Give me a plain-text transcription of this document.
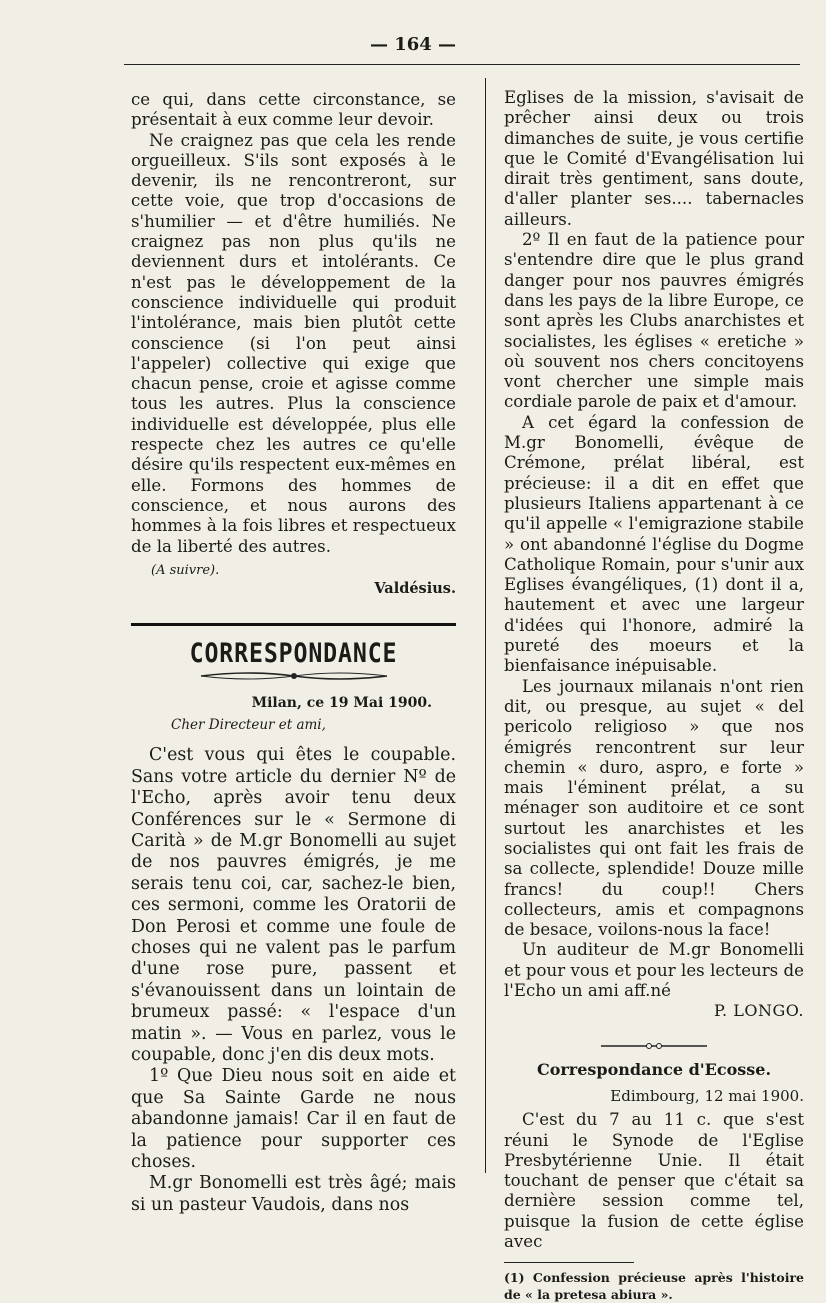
— 164 —

ce qui, dans cette circonstance, se présentait à eux comme leur devoir.

Ne craignez pas que cela les rende orgueilleux. S'ils sont exposés à le devenir, ils ne rencontreront, sur cette voie, que trop d'occasions de s'humilier — et d'être humiliés. Ne craignez pas non plus qu'ils ne deviennent durs et intolérants. Ce n'est pas le développement de la conscience individuelle qui produit l'intolérance, mais bien plutôt cette conscience (si l'on peut ainsi l'appeler) collective qui exige que chacun pense, croie et agisse comme tous les autres. Plus la conscience individuelle est développée, plus elle respecte chez les autres ce qu'elle désire qu'ils respectent eux-mêmes en elle. Formons des hommes de conscience, et nous aurons des hommes à la fois libres et respectueux de la liberté des autres.

(A suivre).

Valdésius.

CORRESPONDANCE

Milan, ce 19 Mai 1900.

Cher Directeur et ami,

C'est vous qui êtes le coupable. Sans votre article du dernier Nº de l'Echo, après avoir tenu deux Conférences sur le « Sermone di Carità » de M.gr Bonomelli au sujet de nos pauvres émigrés, je me serais tenu coi, car, sachez-le bien, ces sermoni, comme les Oratorii de Don Perosi et comme une foule de choses qui ne valent pas le parfum d'une rose pure, passent et s'évanouissent dans un lointain de brumeux passé: « l'espace d'un matin ». — Vous en parlez, vous le coupable, donc j'en dis deux mots.

1º Que Dieu nous soit en aide et que Sa Sainte Garde ne nous abandonne jamais! Car il en faut de la patience pour supporter ces choses.

M.gr Bonomelli est très âgé; mais si un pasteur Vaudois, dans nos

Eglises de la mission, s'avisait de prêcher ainsi deux ou trois dimanches de suite, je vous certifie que le Comité d'Evangélisation lui dirait très gentiment, sans doute, d'aller planter ses.... tabernacles ailleurs.

2º Il en faut de la patience pour s'entendre dire que le plus grand danger pour nos pauvres émigrés dans les pays de la libre Europe, ce sont après les Clubs anarchistes et socialistes, les églises « eretiche » où souvent nos chers concitoyens vont chercher une simple mais cordiale parole de paix et d'amour.

A cet égard la confession de M.gr Bonomelli, évêque de Crémone, prélat libéral, est précieuse: il a dit en effet que plusieurs Italiens appartenant à ce qu'il appelle « l'emigrazione stabile » ont abandonné l'église du Dogme Catholique Romain, pour s'unir aux Eglises évangéliques, (1) dont il a, hautement et avec une largeur d'idées qui l'honore, admiré la pureté des moeurs et la bienfaisance inépuisable.

Les journaux milanais n'ont rien dit, ou presque, au sujet « del pericolo religioso » que nos émigrés rencontrent sur leur chemin « duro, aspro, e forte » mais l'éminent prélat, a su ménager son auditoire et ce sont surtout les anarchistes et les socialistes qui ont fait les frais de sa collecte, splendide! Douze mille francs! du coup!! Chers collecteurs, amis et compagnons de besace, voilons-nous la face!

Un auditeur de M.gr Bonomelli et pour vous et pour les lecteurs de l'Echo un ami aff.né

P. LONGO.

Correspondance d'Ecosse.

Edimbourg, 12 mai 1900.

C'est du 7 au 11 c. que s'est réuni le Synode de l'Eglise Presbytérienne Unie. Il était touchant de penser que c'était sa dernière session comme tel, puisque la fusion de cette église avec

(1) Confession précieuse après l'histoire de « la pretesa abiura ».
